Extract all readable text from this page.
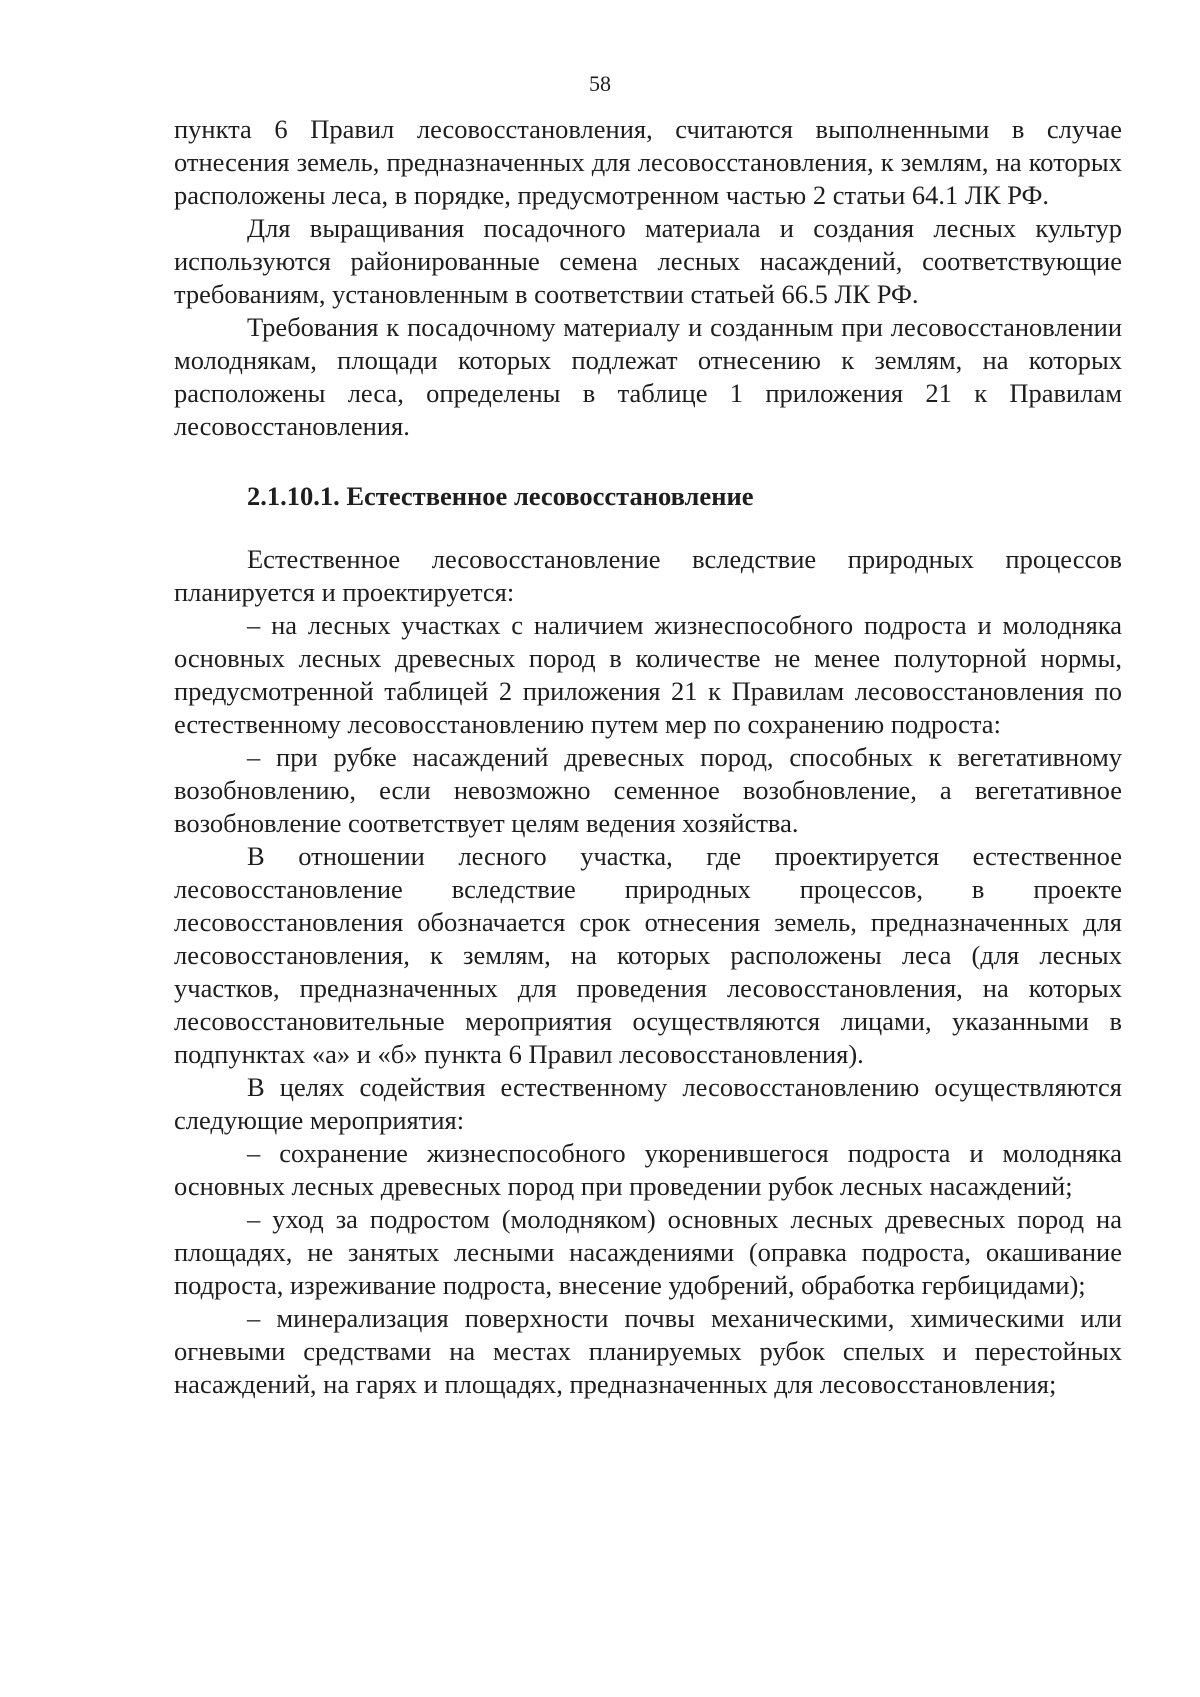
58

пункта 6 Правил лесовосстановления, считаются выполненными в случае отнесения земель, предназначенных для лесовосстановления, к землям, на которых расположены леса, в порядке, предусмотренном частью 2 статьи 64.1 ЛК РФ.

Для выращивания посадочного материала и создания лесных культур используются районированные семена лесных насаждений, соответствующие требованиям, установленным в соответствии статьей 66.5 ЛК РФ.

Требования к посадочному материалу и созданным при лесовосстановлении молоднякам, площади которых подлежат отнесению к землям, на которых расположены леса, определены в таблице 1 приложения 21 к Правилам лесовосстановления.

2.1.10.1. Естественное лесовосстановление

Естественное лесовосстановление вследствие природных процессов планируется и проектируется:

– на лесных участках с наличием жизнеспособного подроста и молодняка основных лесных древесных пород в количестве не менее полуторной нормы, предусмотренной таблицей 2 приложения 21 к Правилам лесовосстановления по естественному лесовосстановлению путем мер по сохранению подроста:

– при рубке насаждений древесных пород, способных к вегетативному возобновлению, если невозможно семенное возобновление, а вегетативное возобновление соответствует целям ведения хозяйства.

В отношении лесного участка, где проектируется естественное лесовосстановление вследствие природных процессов, в проекте лесовосстановления обозначается срок отнесения земель, предназначенных для лесовосстановления, к землям, на которых расположены леса (для лесных участков, предназначенных для проведения лесовосстановления, на которых лесовосстановительные мероприятия осуществляются лицами, указанными в подпунктах «а» и «б» пункта 6 Правил лесовосстановления).

В целях содействия естественному лесовосстановлению осуществляются следующие мероприятия:

– сохранение жизнеспособного укоренившегося подроста и молодняка основных лесных древесных пород при проведении рубок лесных насаждений;

– уход за подростом (молодняком) основных лесных древесных пород на площадях, не занятых лесными насаждениями (оправка подроста, окашивание подроста, изреживание подроста, внесение удобрений, обработка гербицидами);

– минерализация поверхности почвы механическими, химическими или огневыми средствами на местах планируемых рубок спелых и перестойных насаждений, на гарях и площадях, предназначенных для лесовосстановления;
